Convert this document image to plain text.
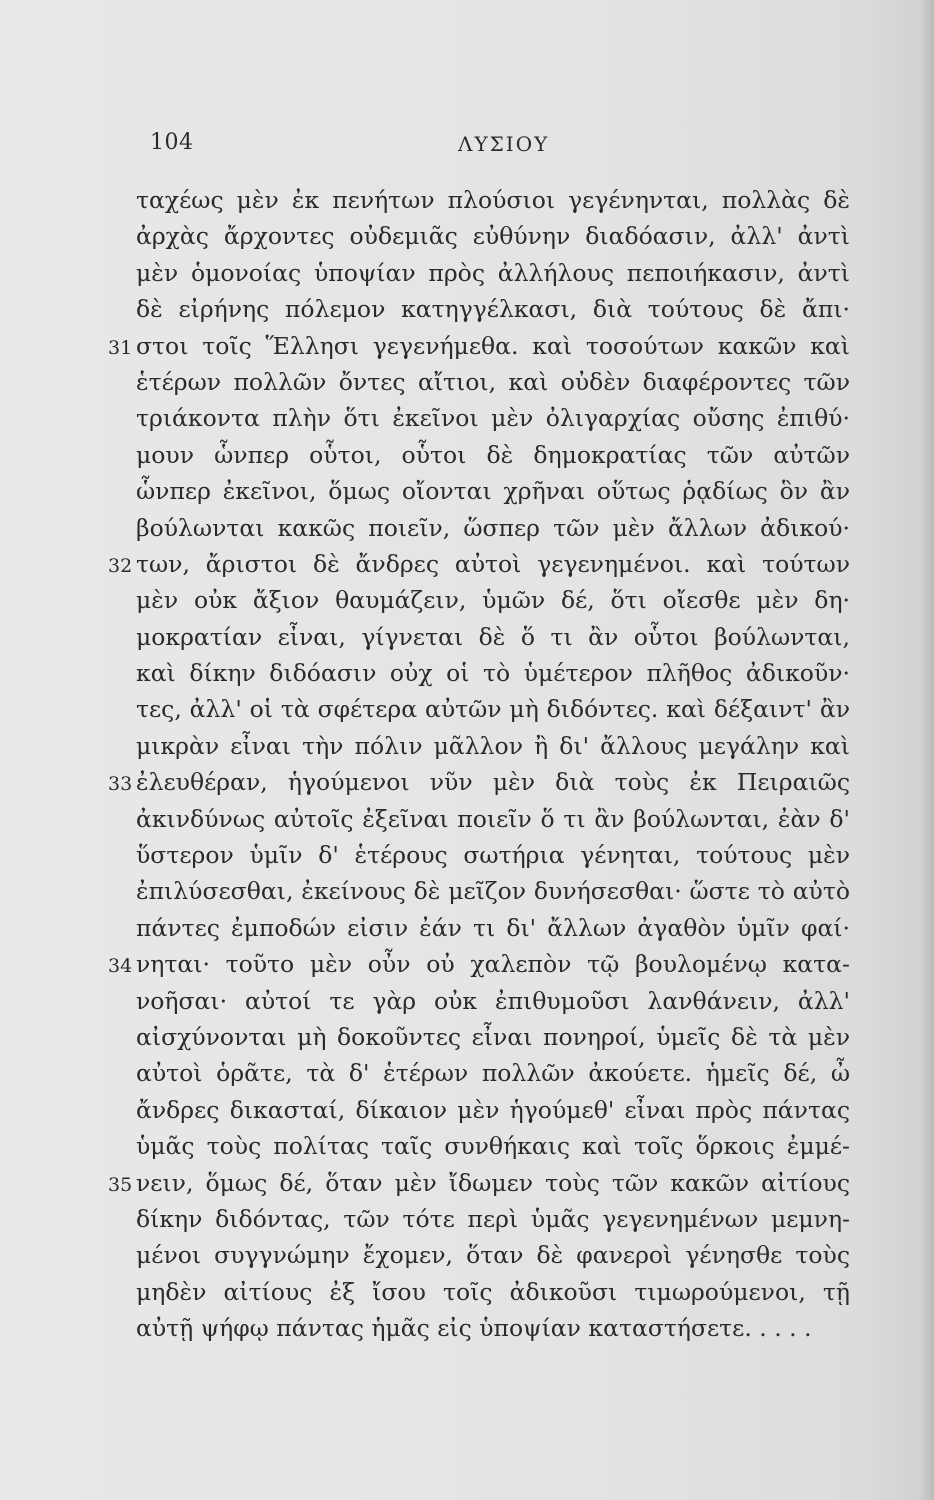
104	ΛΥΣΙΟΥ
ταχέως μὲν ἐκ πενήτων πλούσιοι γεγένηνται, πολλὰς δὲ
ἀρχὰς ἄρχοντες οὐδεμιᾶς εὐθύνην διαδόασιν, ἀλλ' ἀντὶ
μὲν ὁμονοίας ὑποψίαν πρὸς ἀλλήλους πεποιήκασιν, ἀντὶ
δὲ εἰρήνης πόλεμον κατηγγέλκασι, διὰ τούτους δὲ ἄπι·
31 στοι τοῖς Ἕλλησι γεγενήμεθα. καὶ τοσούτων κακῶν καὶ
ἑτέρων πολλῶν ὄντες αἴτιοι, καὶ οὐδὲν διαφέροντες τῶν
τριάκοντα πλὴν ὅτι ἐκεῖνοι μὲν ὀλιγαρχίας οὔσης ἐπιθύ·
μουν ὧνπερ οὗτοι, οὗτοι δὲ δημοκρατίας τῶν αὐτῶν
ὧνπερ ἐκεῖνοι, ὅμως οἴονται χρῆναι οὕτως ῥᾳδίως ὃν ἂν
βούλωνται κακῶς ποιεῖν, ὥσπερ τῶν μὲν ἄλλων ἀδικού·
32 των, ἄριστοι δὲ ἄνδρες αὐτοὶ γεγενημένοι. καὶ τούτων
μὲν οὐκ ἄξιον θαυμάζειν, ὑμῶν δέ, ὅτι οἴεσθε μὲν δη·
μοκρατίαν εἶναι, γίγνεται δὲ ὅ τι ἂν οὗτοι βούλωνται,
καὶ δίκην διδόασιν οὐχ οἱ τὸ ὑμέτερον πλῆθος ἀδικοῦν·
τες, ἀλλ' οἱ τὰ σφέτερα αὐτῶν μὴ διδόντες. καὶ δέξαιντ' ἂν
μικρὰν εἶναι τὴν πόλιν μᾶλλον ἢ δι' ἄλλους μεγάλην καὶ
33 ἐλευθέραν, ἡγούμενοι νῦν μὲν διὰ τοὺς ἐκ Πειραιῶς
ἀκινδύνως αὐτοῖς ἐξεῖναι ποιεῖν ὅ τι ἂν βούλωνται, ἐὰν δ'
ὕστερον ὑμῖν δ' ἑτέρους σωτήρια γένηται, τούτους μὲν
ἐπιλύσεσθαι, ἐκείνους δὲ μεῖζον δυνήσεσθαι· ὥστε τὸ αὐτὸ
πάντες ἐμποδών εἰσιν ἐάν τι δι' ἄλλων ἀγαθὸν ὑμῖν φαί·
34 νηται· τοῦτο μὲν οὖν οὐ χαλεπὸν τῷ βουλομένῳ κατα-
νοῆσαι· αὐτοί τε γὰρ οὐκ ἐπιθυμοῦσι λανθάνειν, ἀλλ'
αἰσχύνονται μὴ δοκοῦντες εἶναι πονηροί, ὑμεῖς δὲ τὰ μὲν
αὐτοὶ ὁρᾶτε, τὰ δ' ἑτέρων πολλῶν ἀκούετε. ἡμεῖς δέ, ὦ
ἄνδρες δικασταί, δίκαιον μὲν ἡγούμεθ' εἶναι πρὸς πάντας
ὑμᾶς τοὺς πολίτας ταῖς συνθήκαις καὶ τοῖς ὅρκοις ἐμμέ-
35 νειν, ὅμως δέ, ὅταν μὲν ἴδωμεν τοὺς τῶν κακῶν αἰτίους
δίκην διδόντας, τῶν τότε περὶ ὑμᾶς γεγενημένων μεμνη-
μένοι συγγνώμην ἔχομεν, ὅταν δὲ φανεροὶ γένησθε τοὺς
μηδὲν αἰτίους ἐξ ἴσου τοῖς ἀδικοῦσι τιμωρούμενοι, τῇ
αὐτῇ ψήφῳ πάντας ἡμᾶς εἰς ὑποψίαν καταστήσετε. . . . .
